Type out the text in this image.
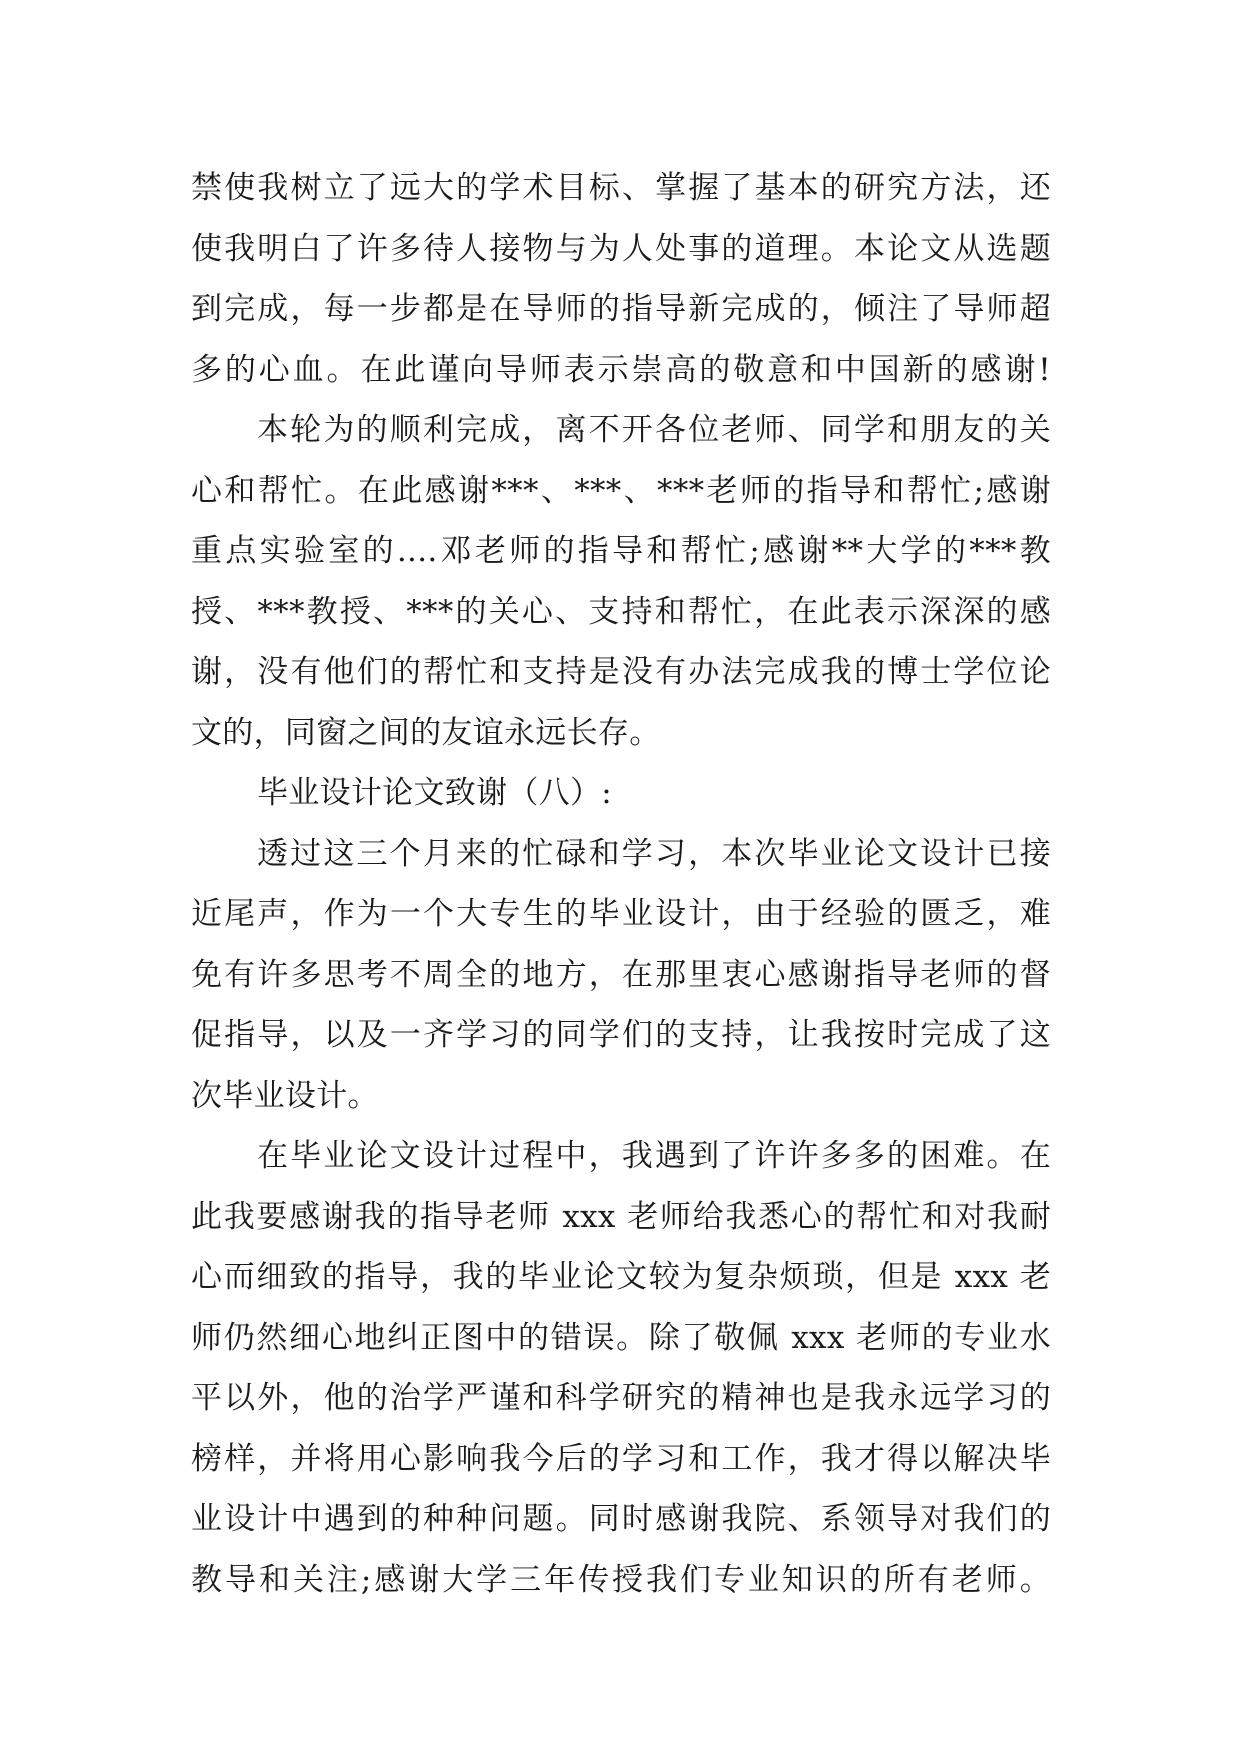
禁使我树立了远大的学术目标、掌握了基本的研究方法，还
使我明白了许多待人接物与为人处事的道理。本论文从选题
到完成，每一步都是在导师的指导新完成的，倾注了导师超
多的心血。在此谨向导师表示崇高的敬意和中国新的感谢!
本轮为的顺利完成，离不开各位老师、同学和朋友的关
心和帮忙。在此感谢***、***、***老师的指导和帮忙;感谢
重点实验室的....邓老师的指导和帮忙;感谢**大学的***教
授、***教授、***的关心、支持和帮忙，在此表示深深的感
谢，没有他们的帮忙和支持是没有办法完成我的博士学位论
文的，同窗之间的友谊永远长存。
毕业设计论文致谢（八）:
透过这三个月来的忙碌和学习，本次毕业论文设计已接
近尾声，作为一个大专生的毕业设计，由于经验的匮乏，难
免有许多思考不周全的地方，在那里衷心感谢指导老师的督
促指导，以及一齐学习的同学们的支持，让我按时完成了这
次毕业设计。
在毕业论文设计过程中，我遇到了许许多多的困难。在
此我要感谢我的指导老师 xxx 老师给我悉心的帮忙和对我耐
心而细致的指导，我的毕业论文较为复杂烦琐，但是 xxx 老
师仍然细心地纠正图中的错误。除了敬佩 xxx 老师的专业水
平以外，他的治学严谨和科学研究的精神也是我永远学习的
榜样，并将用心影响我今后的学习和工作，我才得以解决毕
业设计中遇到的种种问题。同时感谢我院、系领导对我们的
教导和关注;感谢大学三年传授我们专业知识的所有老师。
